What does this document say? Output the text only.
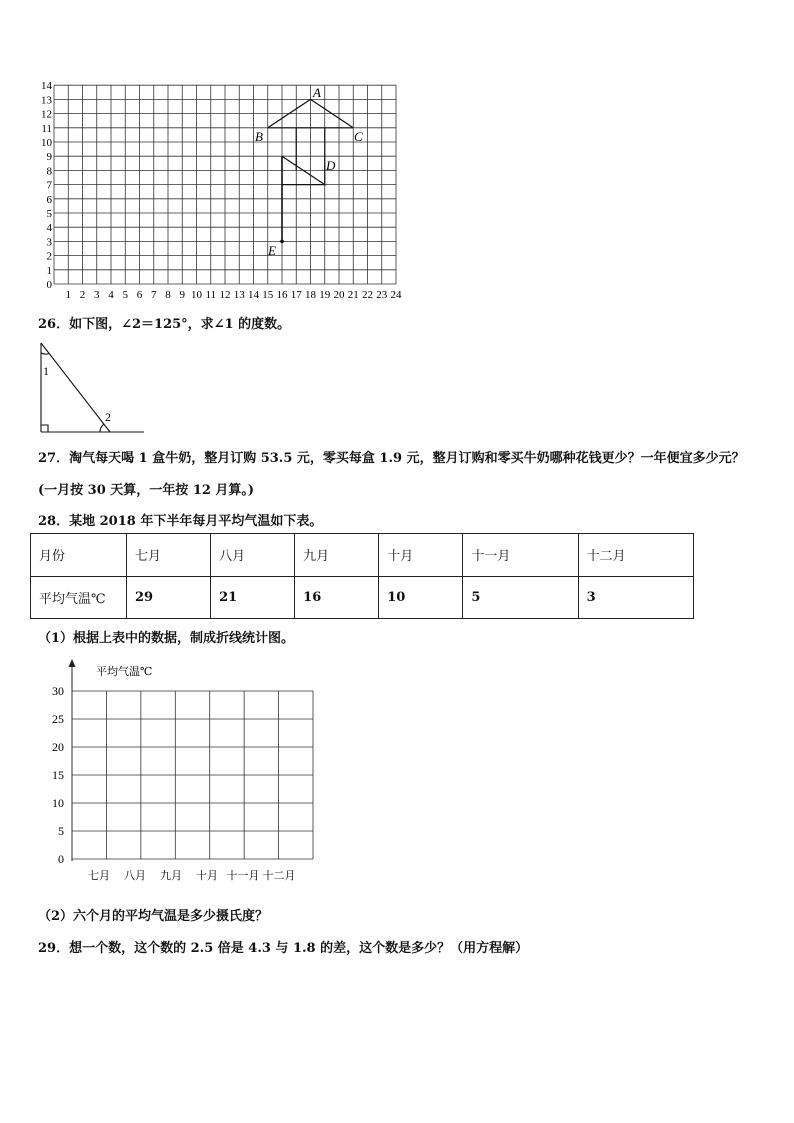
0
1
2
3
4
5
6
7
8
9
10
11
12
13
14
1 2 3 4 5 6 7 8 9 10 11 12 13 14 15 16 17 18 19 20 21 22 23 24
A
B	C
D
E
26．如下图，∠2＝125°，求∠1 的度数。
1
2
27．淘气每天喝 1 盒牛奶，整月订购 53.5 元，零买每盒 1.9 元，整月订购和零买牛奶哪种花钱更少？一年便宜多少元？
(一月按 30 天算，一年按 12 月算。)
28．某地 2018 年下半年每月平均气温如下表。
月份	七月	八月	九月	十月	十一月	十二月
平均气温℃	29	21	16	10	5	3
（1）根据上表中的数据，制成折线统计图。
平均气温℃
0
5
10
15
20
25
30
七月 八月 九月 十月 十一月 十二月
（2）六个月的平均气温是多少摄氏度？
29．想一个数，这个数的 2.5 倍是 4.3 与 1.8 的差，这个数是多少？（用方程解）
